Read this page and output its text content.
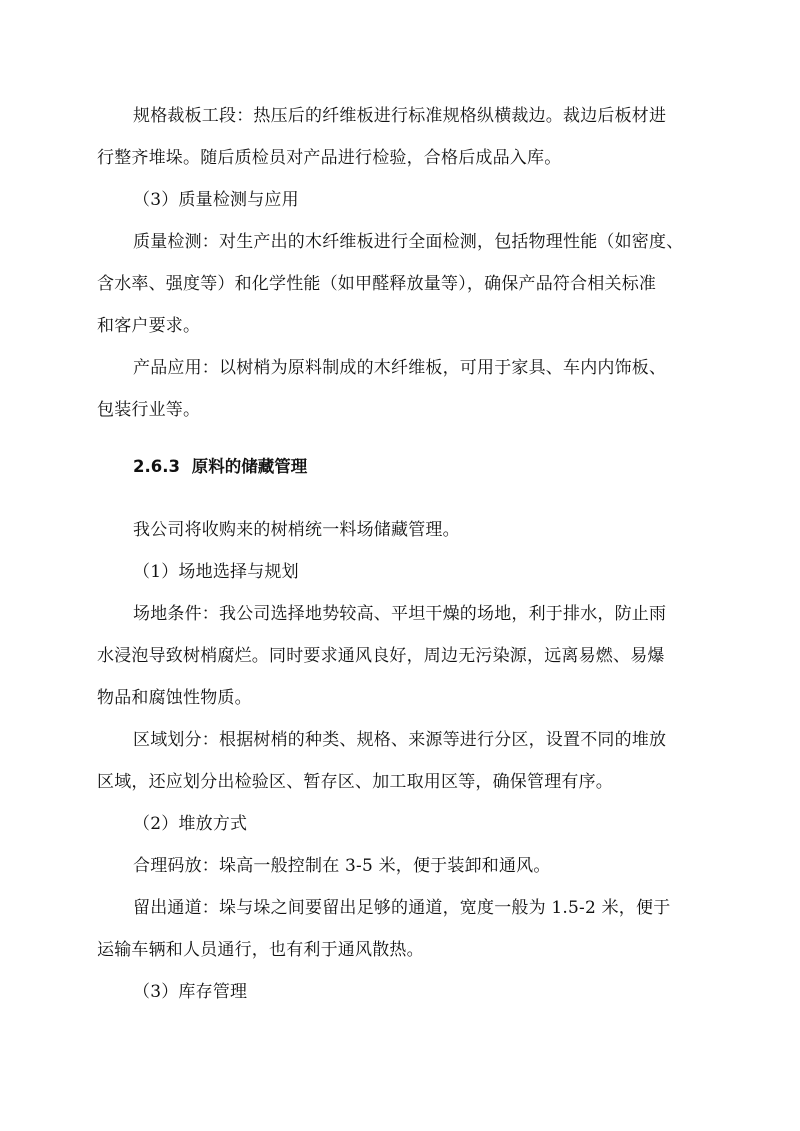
规格裁板工段：热压后的纤维板进行标准规格纵横裁边。裁边后板材进
行整齐堆垛。随后质检员对产品进行检验，合格后成品入库。
（3）质量检测与应用
质量检测：对生产出的木纤维板进行全面检测，包括物理性能（如密度、
含水率、强度等）和化学性能（如甲醛释放量等），确保产品符合相关标准
和客户要求。
产品应用：以树梢为原料制成的木纤维板，可用于家具、车内内饰板、
包装行业等。
2.6.3 原料的储藏管理
我公司将收购来的树梢统一料场储藏管理。
（1）场地选择与规划
场地条件：我公司选择地势较高、平坦干燥的场地，利于排水，防止雨
水浸泡导致树梢腐烂。同时要求通风良好，周边无污染源，远离易燃、易爆
物品和腐蚀性物质。
区域划分：根据树梢的种类、规格、来源等进行分区，设置不同的堆放
区域，还应划分出检验区、暂存区、加工取用区等，确保管理有序。
（2）堆放方式
合理码放：垛高一般控制在 3-5 米，便于装卸和通风。
留出通道：垛与垛之间要留出足够的通道，宽度一般为 1.5-2 米，便于
运输车辆和人员通行，也有利于通风散热。
（3）库存管理
